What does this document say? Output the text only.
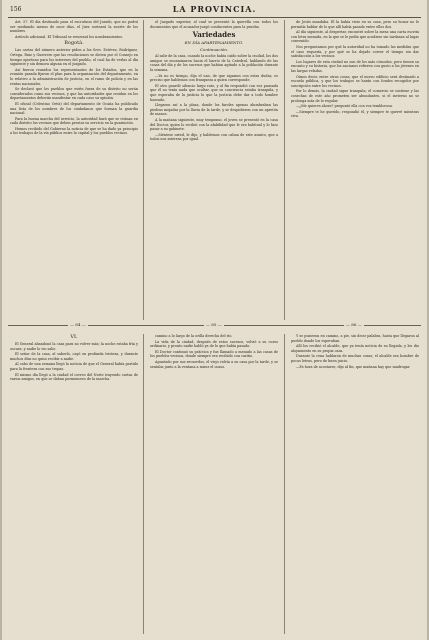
156	LA PROVINCIA.

Art. 57. El día destinado para el escrutinio del Jurado, que no podrá ser mediando menos de once días, el Juez sorteará la suerte de los nombres.

Artículo adicional. El Tribunal se renovará los nombramientos.

Bogotá.

Las cartas del número anterior piden a los Sres. Estévez, Rodríguez, Ortega, Ruiz y Guerrero que las resoluciones se dicten por el Consejo en tiempo oportuno para los intereses del pueblo, el cual ha de verlas al día siguiente y sin demora alguna en el juzgado.

Así fueron reunidos los representantes de los Estados, que en la reunión pasada fijaron el plan para la organización del departamento, en lo relativo a la administración de justicia, en el ramo de policía y en las rentas nacionales.

Se declaró que los pueblos que estén fuera de su distrito no serán considerados como sus vecinos, y que las autoridades que residan en los departamentos deberán manifestar en cada caso su opinión.

El oficial (Celestino Ortiz) del departamento de Ocaña ha publicado una lista de los nombres de los ciudadanos que forman la guardia nacional.

Para la buena marcha del servicio, la autoridad hará que se reúnan en cada distrito los vecinos que deben prestar su servicio en la guarnición.

Hemos recibido del Gobierno la noticia de que se ha dado ya principio a los trabajos de la vía pública entre la capital y los pueblos vecinos.

el Juzgado superior, al cual se presentó la querella con todos los documentos que el acusador juzgó conducentes para la prueba.

Variedades

EN DÍA APARTENAMIENTO.

Continuación.

Al salir de la casa, cuando la noche había caído sobre la ciudad, los dos amigos se encaminaron hacia el barrio de la Catedral, hablando de las cosas del día y de los sucesos que habían agitado a la población durante la semana.

—Ya no es tiempo, dijo el uno, de que sigamos con estas dudas; es preciso que hablemos con franqueza a quien corresponde.

El otro guardó silencio largo rato, y al fin respondió con voz pausada que él no tenía nada que ocultar, que su conciencia estaba tranquila, y que esperaba de la justicia lo que la justicia debe dar a todo hombre honrado.

Llegaron así a la plaza, donde los faroles apenas alumbraban las piedras mojadas por la lluvia de la tarde, y se despidieron con un apretón de manos.

A la mañana siguiente, muy temprano, el joven se presentó en la casa del Doctor, quien lo recibió con la afabilidad que le era habitual y lo hizo pasar a su gabinete.

—Siéntese usted, le dijo, y hablemos con calma de este asunto, que a todos nos interesa por igual.

de Jesús mandaba. El la había visto en su casa, pero su honor no le permitía hablar de lo que allí había pasado entre ellos dos.

Al día siguiente, al despertar, encontró sobre la mesa una carta escrita con letra menuda, en la que se le pedía que acudiese sin tardanza al lugar convenido.

Nos preguntamos por qué la autoridad no ha tomado las medidas que el caso requería, y por qué se ha dejado correr el tiempo sin dar satisfacción a los vecinos.

Los lugares de esta ciudad no son de los más cómodos, pero tienen su encanto y su historia, que los ancianos refieren con gusto a los jóvenes en las largas veladas.

Oímos decir, entre otras cosas, que el nuevo edificio será destinado a escuela pública, y que los trabajos se harán con fondos recogidos por suscripción entre los vecinos.

Por lo demás, la ciudad sigue tranquila; el comercio se sostiene y las cosechas de este año prometen ser abundantes, si el invierno no se prolonga más de lo regular.

—¿Me quieres ahora? preguntó ella con voz temblorosa.

—Siempre te he querido, respondió él, y siempre te querré mientras viva.

— 84 —	— 85 —	— 86 —

VI.

El General abandonó la casa para no volver más; la noche estaba fría y oscura, y nadie lo vio salir.

El señor de la casa, al saberlo, cayó en profunda tristeza, y durante muchos días no quiso recibir a nadie.

Al cabo de una semana llegó la noticia de que el General había partido para la frontera con sus tropas.

El mismo día llegó a la ciudad el correo del Norte trayendo cartas de varios amigos, en que se daban pormenores de la marcha.

camino a lo largo de la orilla derecha del río.

La vida de la ciudad, después de estos sucesos, volvió a su curso ordinario, y pronto nadie habló ya de lo que había pasado.

El Doctor continuó su práctica y fue llamado a menudo a las casas de los pueblos vecinos, donde siempre era recibido con cariño.

Apuntado por sus recuerdos, el viejo volvía a su casa por la tarde, y se sentaba junto a la ventana a mirar el ocaso.

Y se pusieron en camino, a pie, sin decir palabra, hasta que llegaron al pueblo donde los esperaban.

Allí los recibió el alcalde, que ya tenía noticia de su llegada, y les dio alojamiento en su propia casa.

Durante la cena hablaron de muchas cosas; el alcalde era hombre de pocas letras, pero de buen juicio.

—Es hora de acostarse, dijo al fin, que mañana hay que madrugar.
